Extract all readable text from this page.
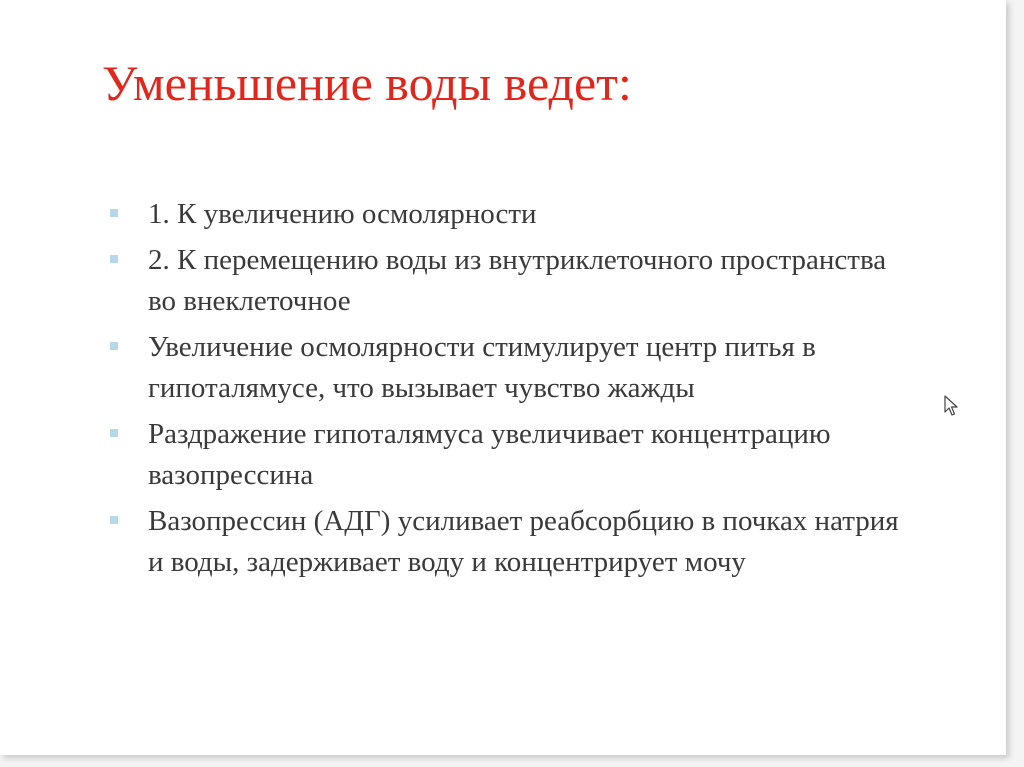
Уменьшение воды ведет:
1. К увеличению осмолярности
2. К перемещению воды из внутриклеточного пространства во внеклеточное
Увеличение осмолярности стимулирует центр питья в гипоталямусе, что вызывает чувство жажды
Раздражение гипоталямуса увеличивает концентрацию вазопрессина
Вазопрессин (АДГ) усиливает реабсорбцию в почках натрия и воды, задерживает воду и концентрирует мочу
